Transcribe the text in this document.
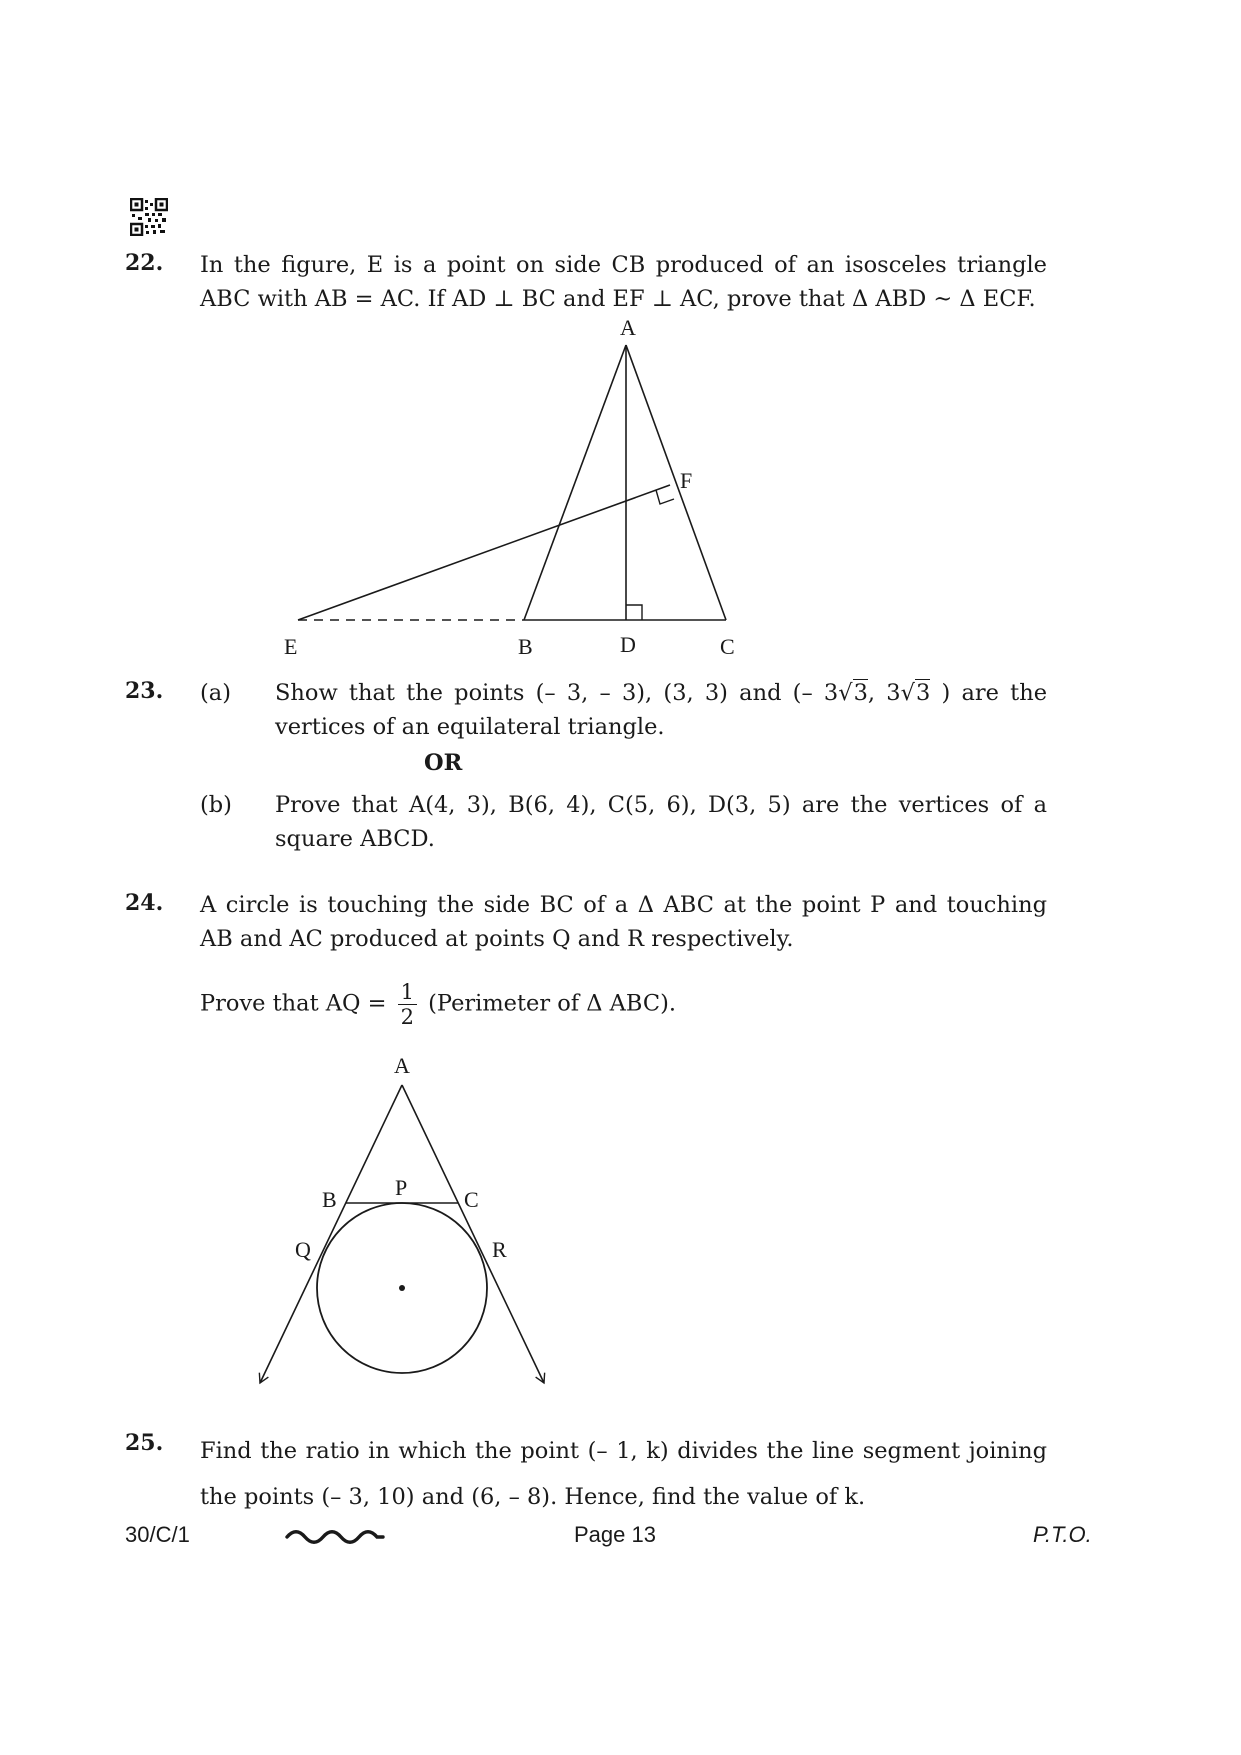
22. In the figure, E is a point on side CB produced of an isosceles triangle ABC with AB = AC. If AD ⊥ BC and EF ⊥ AC, prove that Δ ABD ~ Δ ECF.
A
F
E	B	D	C
23. (a) Show that the points (– 3, – 3), (3, 3) and (– 3√3, 3√3 ) are the vertices of an equilateral triangle.
OR
(b) Prove that A(4, 3), B(6, 4), C(5, 6), D(3, 5) are the vertices of a square ABCD.
24. A circle is touching the side BC of a Δ ABC at the point P and touching AB and AC produced at points Q and R respectively.
Prove that AQ = $\frac{1}{2}$ (Perimeter of Δ ABC).
A
B	P	C
Q	R
25. Find the ratio in which the point (– 1, k) divides the line segment joining the points (– 3, 10) and (6, – 8). Hence, find the value of k.
30/C/1	Page 13	P.T.O.
